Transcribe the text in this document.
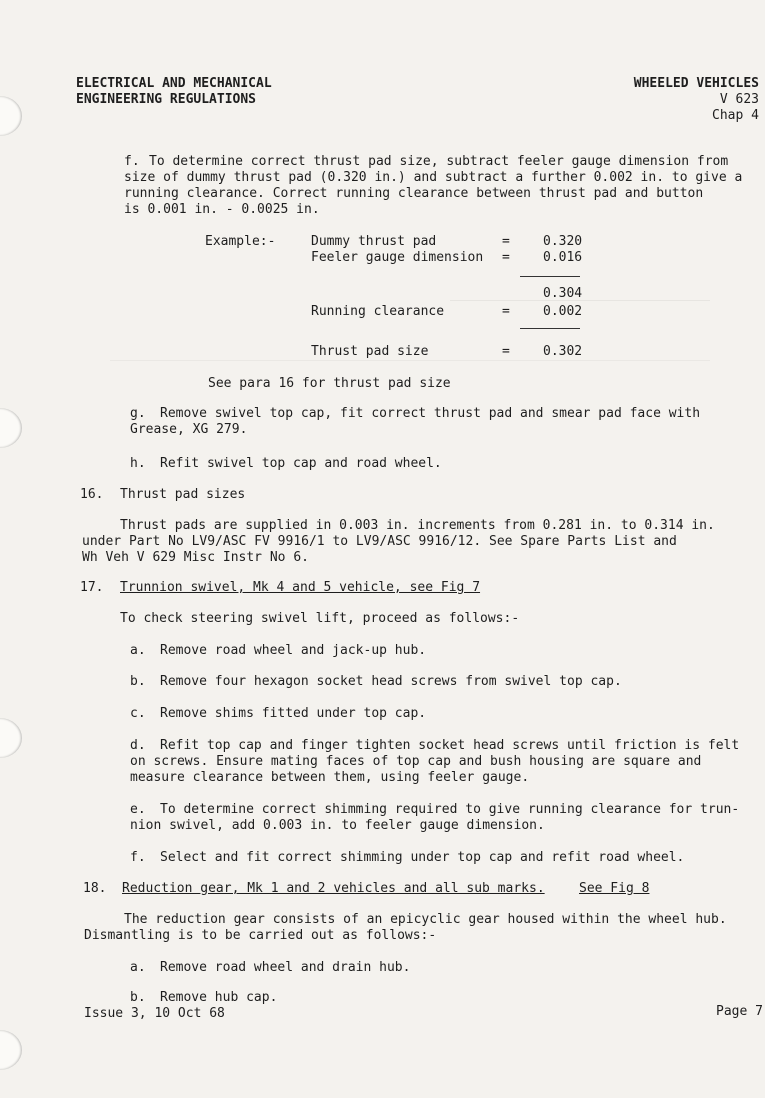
ELECTRICAL AND MECHANICAL
ENGINEERING REGULATIONS
WHEELED VEHICLES
V 623
Chap 4
f. To determine correct thrust pad size, subtract feeler gauge dimension from
size of dummy thrust pad (0.320 in.) and subtract a further 0.002 in. to give a
running clearance. Correct running clearance between thrust pad and button
is 0.001 in. - 0.0025 in.
Example:-	Dummy thrust pad	=	0.320
Feeler gauge dimension =	0.016
0.304
Running clearance	=	0.002
Thrust pad size	=	0.302
See para 16 for thrust pad size
g. Remove swivel top cap, fit correct thrust pad and smear pad face with
Grease, XG 279.
h. Refit swivel top cap and road wheel.
16. Thrust pad sizes
Thrust pads are supplied in 0.003 in. increments from 0.281 in. to 0.314 in.
under Part No LV9/ASC FV 9916/1 to LV9/ASC 9916/12. See Spare Parts List and
Wh Veh V 629 Misc Instr No 6.
17. Trunnion swivel, Mk 4 and 5 vehicle, see Fig 7
To check steering swivel lift, proceed as follows:-
a. Remove road wheel and jack-up hub.
b. Remove four hexagon socket head screws from swivel top cap.
c. Remove shims fitted under top cap.
d. Refit top cap and finger tighten socket head screws until friction is felt
on screws. Ensure mating faces of top cap and bush housing are square and
measure clearance between them, using feeler gauge.
e. To determine correct shimming required to give running clearance for trun-
nion swivel, add 0.003 in. to feeler gauge dimension.
f. Select and fit correct shimming under top cap and refit road wheel.
18. Reduction gear, Mk 1 and 2 vehicles and all sub marks.	See Fig 8
The reduction gear consists of an epicyclic gear housed within the wheel hub.
Dismantling is to be carried out as follows:-
a. Remove road wheel and drain hub.
b. Remove hub cap.
Issue 3, 10 Oct 68	Page 7
